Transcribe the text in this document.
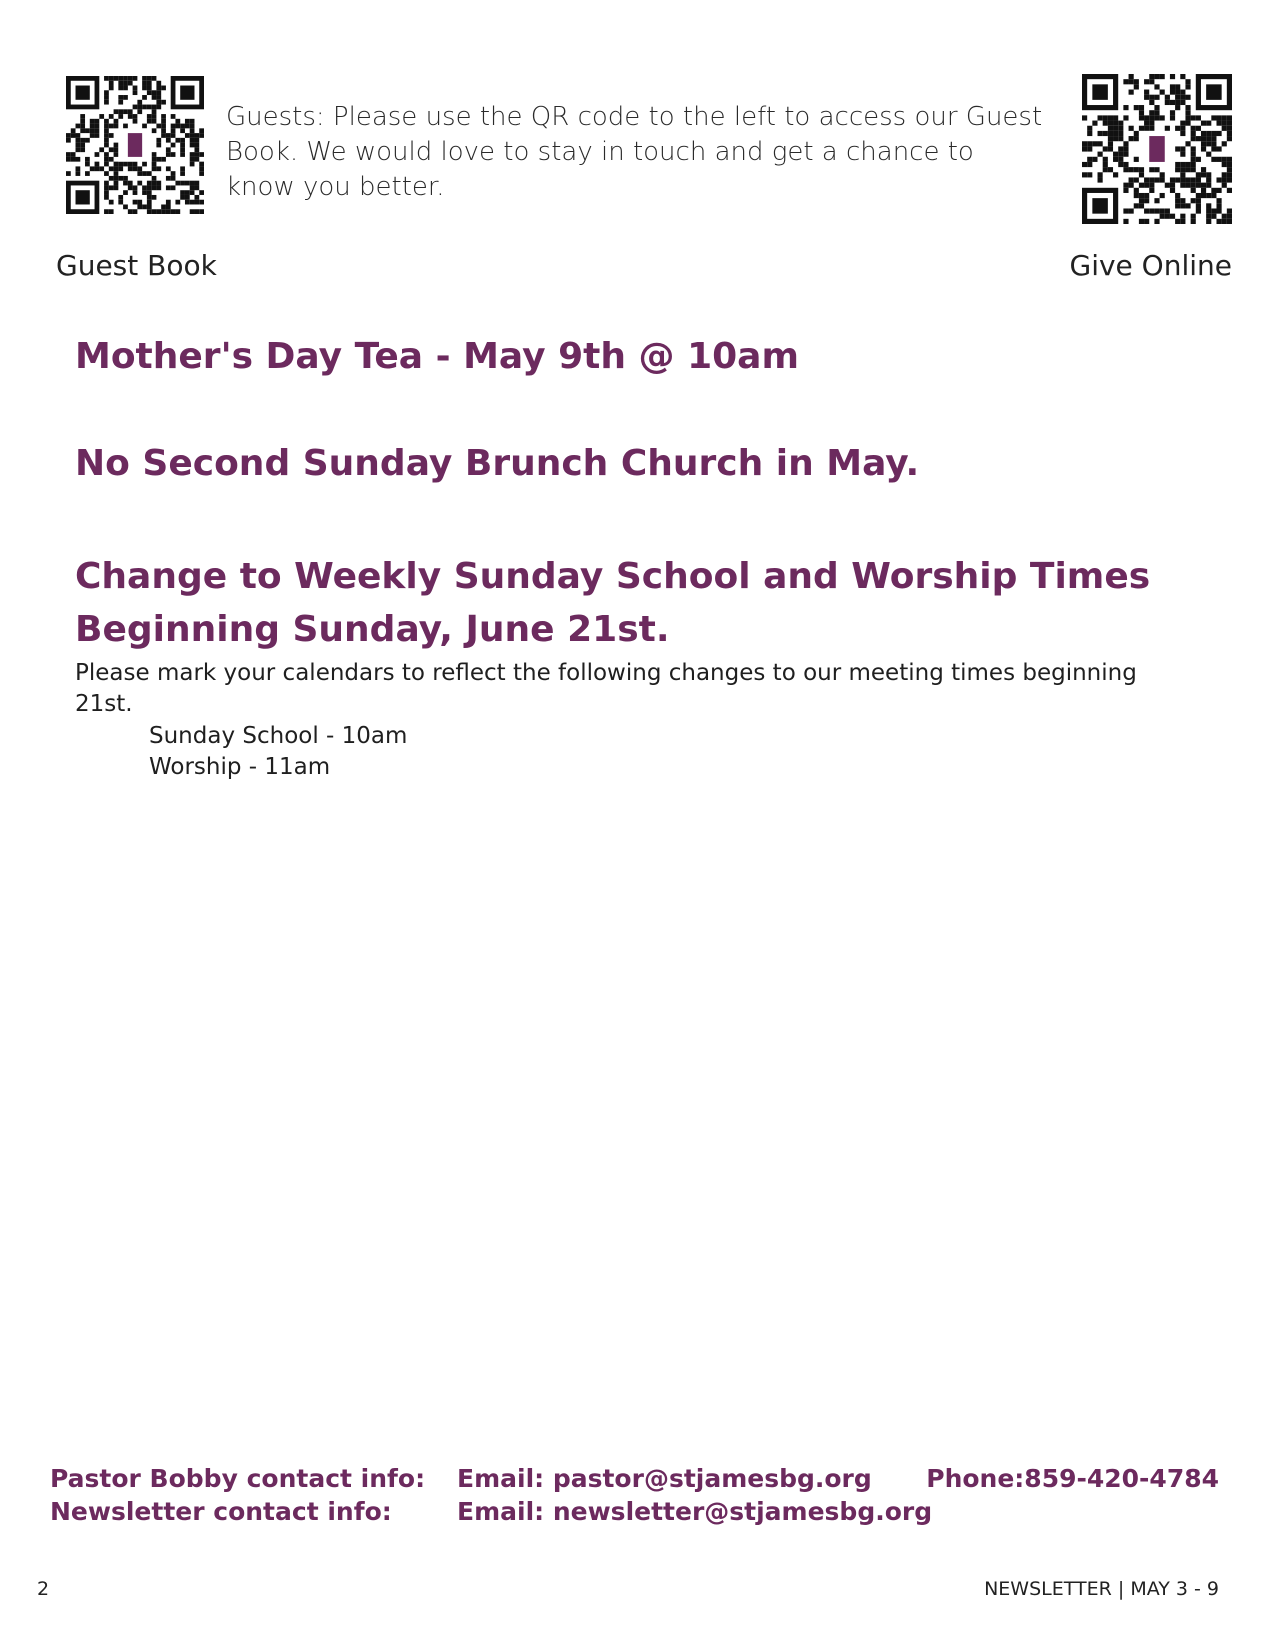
Guests: Please use the QR code to the left to access our Guest Book. We would love to stay in touch and get a chance to know you better.
Guest Book	Give Online
Mother's Day Tea - May 9th @ 10am
No Second Sunday Brunch Church in May.
Change to Weekly Sunday School and Worship Times Beginning Sunday, June 21st.
Please mark your calendars to reflect the following changes to our meeting times beginning 21st.
Sunday School - 10am
Worship - 11am
Pastor Bobby contact info: Email: pastor@stjamesbg.org Phone:859-420-4784
Newsletter contact info:	Email: newsletter@stjamesbg.org
2	NEWSLETTER | MAY 3 - 9
